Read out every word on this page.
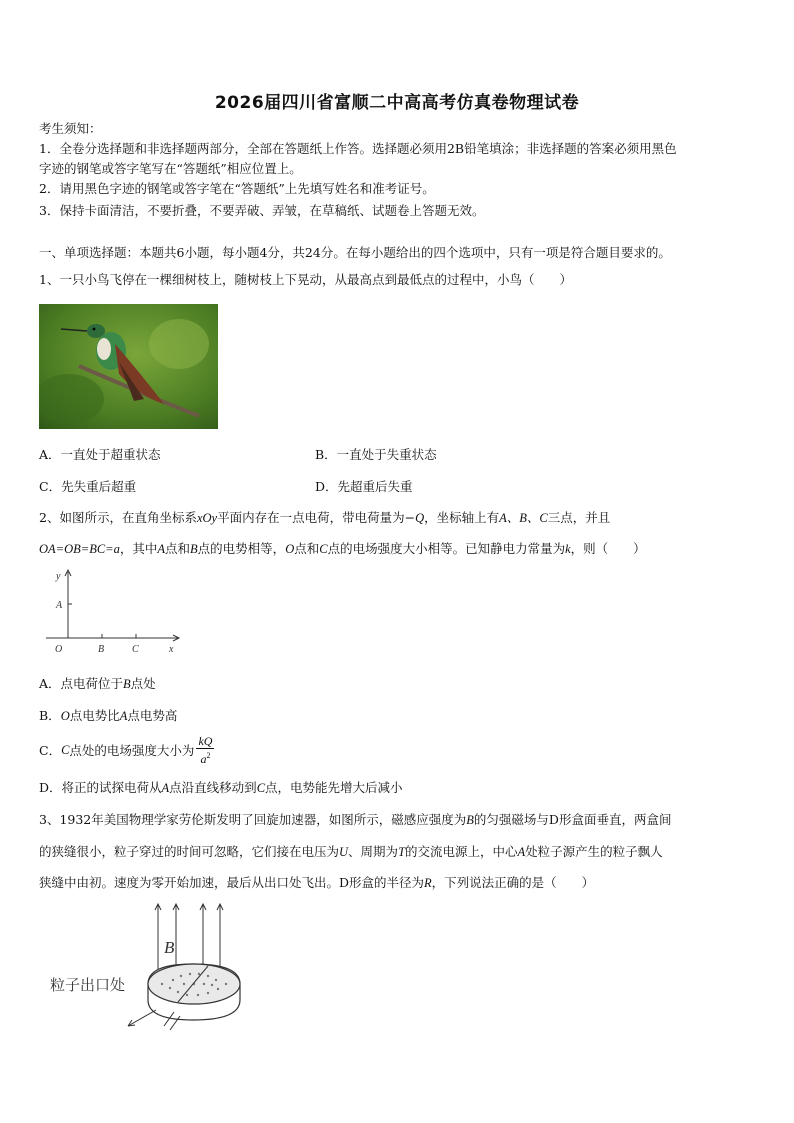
2026届四川省富顺二中高高考仿真卷物理试卷
考生须知：
1．全卷分选择题和非选择题两部分，全部在答题纸上作答。选择题必须用2B铅笔填涂；非选择题的答案必须用黑色
字迹的钢笔或答字笔写在“答题纸”相应位置上。
2．请用黑色字迹的钢笔或答字笔在“答题纸”上先填写姓名和准考证号。
3．保持卡面清洁，不要折叠，不要弄破、弄皱，在草稿纸、试题卷上答题无效。
一、单项选择题：本题共6小题，每小题4分，共24分。在每小题给出的四个选项中，只有一项是符合题目要求的。
1、一只小鸟飞停在一棵细树枝上，随树枝上下晃动，从最高点到最低点的过程中，小鸟（　　）
A．一直处于超重状态	B．一直处于失重状态
C．先失重后超重	D．先超重后失重
2、如图所示，在直角坐标系xOy平面内存在一点电荷，带电荷量为−Q，坐标轴上有A、B、C三点，并且
OA=OB=BC=a，其中A点和B点的电势相等，O点和C点的电场强度大小相等。已知静电力常量为k，则（　　）
y
A
O	B	C	x
A．点电荷位于B点处
B．O点电势比A点电势高
C． C 点处的电场强度大小为 $\frac{kQ}{a^2}$
D．将正的试探电荷从A点沿直线移动到C点，电势能先增大后减小
3、1932年美国物理学家劳伦斯发明了回旋加速器，如图所示，磁感应强度为B的匀强磁场与D形盒面垂直，两盒间
的狭缝很小，粒子穿过的时间可忽略，它们接在电压为U、周期为T的交流电源上，中心A处粒子源产生的粒子飘人
狭缝中由初。速度为零开始加速，最后从出口处飞出。D形盒的半径为R，下列说法正确的是（　　）
B
粒子出口处
